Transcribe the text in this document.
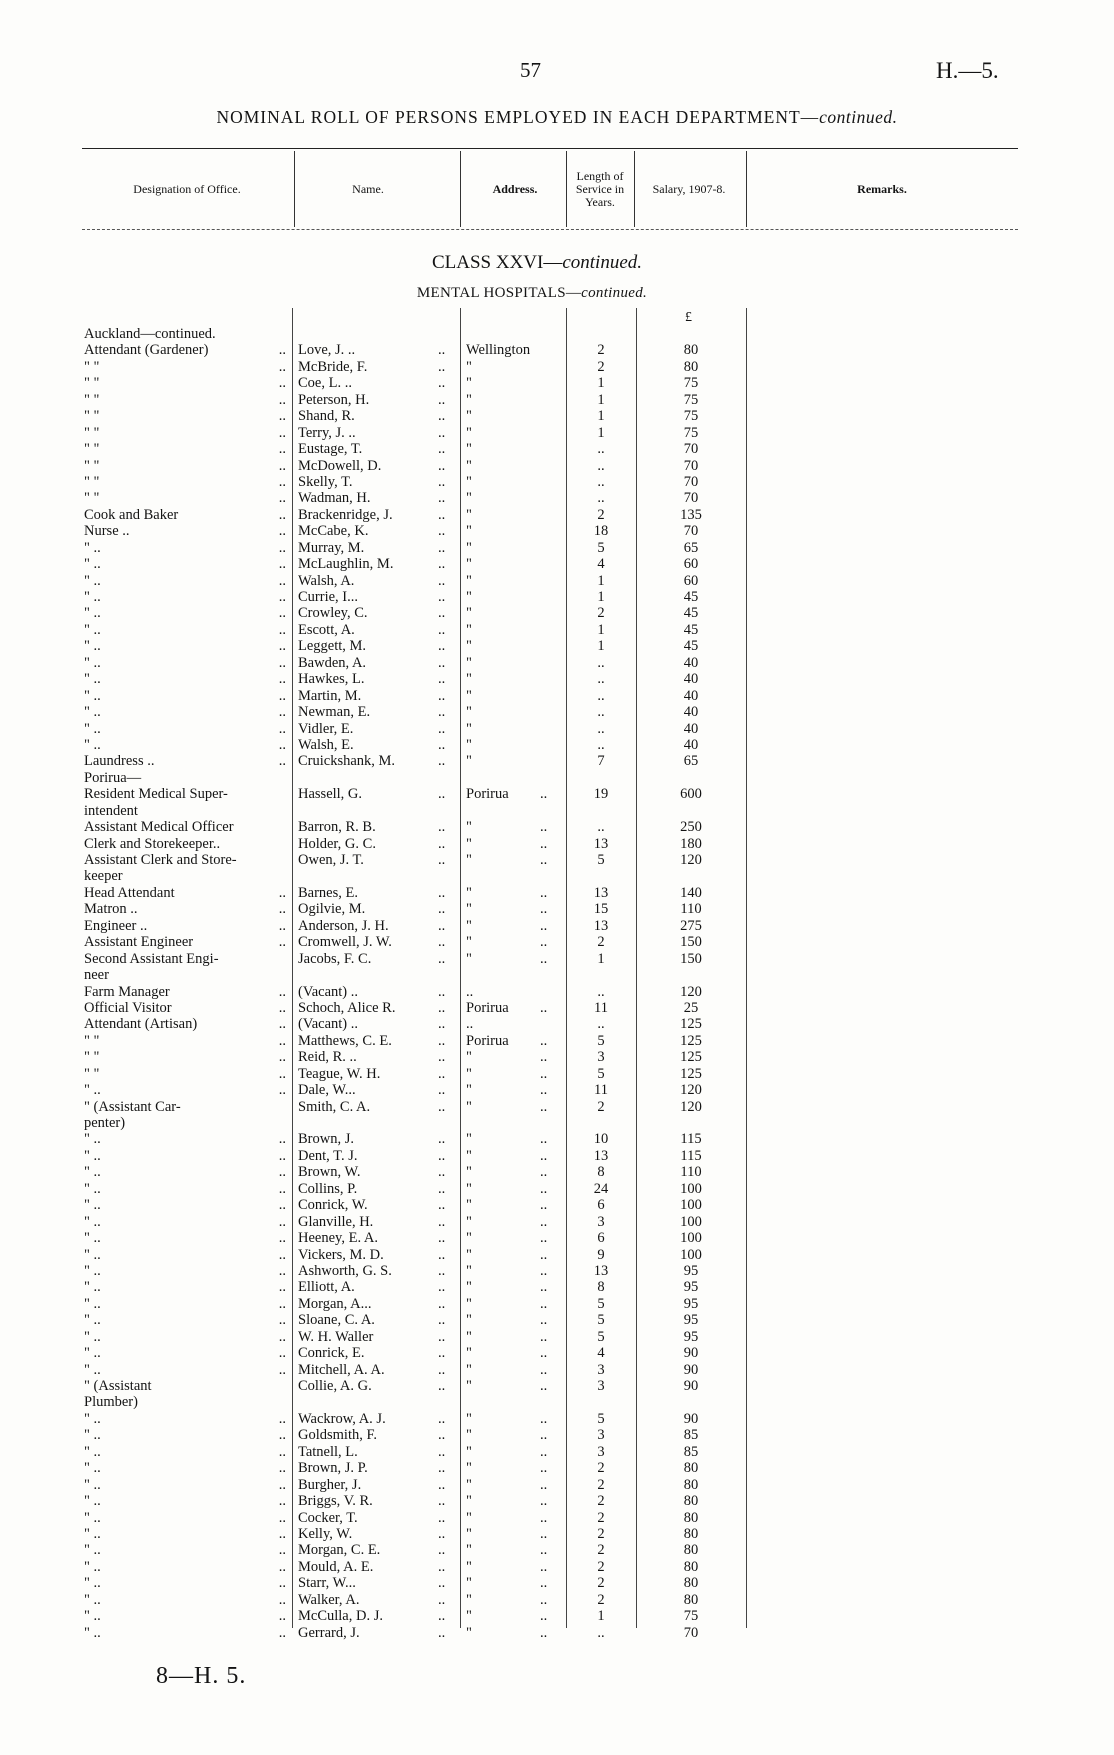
57	H.—5.
NOMINAL ROLL OF PERSONS EMPLOYED IN EACH DEPARTMENT—continued.
Designation of Office.	Name.	Address.
Length of Service in Years.
Salary, 1907-8.	Remarks.
CLASS XXVI—continued.
MENTAL HOSPITALS—continued.
£
Auckland—continued.
Attendant (Gardener)	.. Love, J. ..	.. Wellington	2	80
" "	.. McBride, F.	.. "	2	80
" "	.. Coe, L. ..	.. "	1	75
" "	.. Peterson, H.	.. "	1	75
" "	.. Shand, R.	.. "	1	75
" "	.. Terry, J. ..	.. "	1	75
" "	.. Eustage, T.	.. "	..	70
" "	.. McDowell, D.	.. "	..	70
" "	.. Skelly, T.	.. "	..	70
" "	.. Wadman, H.	.. "	..	70
Cook and Baker	.. Brackenridge, J.	.. "	2	135
Nurse ..	.. McCabe, K.	.. "	18	70
" ..	.. Murray, M.	.. "	5	65
" ..	.. McLaughlin, M.	.. "	4	60
" ..	.. Walsh, A.	.. "	1	60
" ..	.. Currie, I...	.. "	1	45
" ..	.. Crowley, C.	.. "	2	45
" ..	.. Escott, A.	.. "	1	45
" ..	.. Leggett, M.	.. "	1	45
" ..	.. Bawden, A.	.. "	..	40
" ..	.. Hawkes, L.	.. "	..	40
" ..	.. Martin, M.	.. "	..	40
" ..	.. Newman, E.	.. "	..	40
" ..	.. Vidler, E.	.. "	..	40
" ..	.. Walsh, E.	.. "	..	40
Laundress ..	.. Cruickshank, M.	.. "	7	65
Porirua—
Resident Medical Super-	Hassell, G.	.. Porirua ..	19	600
intendent
Assistant Medical Officer	Barron, R. B.	.. "	..	..	250
Clerk and Storekeeper..	Holder, G. C.	.. "	..	13	180
Assistant Clerk and Store-	Owen, J. T.	.. "	..	5	120
keeper
Head Attendant	.. Barnes, E.	.. "	..	13	140
Matron ..	.. Ogilvie, M.	.. "	..	15	110
Engineer ..	.. Anderson, J. H.	.. "	..	13	275
Assistant Engineer	.. Cromwell, J. W.	.. "	..	2	150
Second Assistant Engi-	Jacobs, F. C.	.. "	..	1	150
neer
Farm Manager	.. (Vacant) ..	.. ..	..	120
Official Visitor	.. Schoch, Alice R.	.. Porirua ..	11	25
Attendant (Artisan)	.. (Vacant) ..	.. ..	..	125
" "	.. Matthews, C. E.	.. Porirua ..	5	125
" "	.. Reid, R. ..	.. "	..	3	125
" "	.. Teague, W. H.	.. "	..	5	125
" ..	.. Dale, W...	.. "	..	11	120
" (Assistant Car-	Smith, C. A.	.. "	..	2	120
penter)
" ..	.. Brown, J.	.. "	..	10	115
" ..	.. Dent, T. J.	.. "	..	13	115
" ..	.. Brown, W.	.. "	..	8	110
" ..	.. Collins, P.	.. "	..	24	100
" ..	.. Conrick, W.	.. "	..	6	100
" ..	.. Glanville, H.	.. "	..	3	100
" ..	.. Heeney, E. A.	.. "	..	6	100
" ..	.. Vickers, M. D.	.. "	..	9	100
" ..	.. Ashworth, G. S.	.. "	..	13	95
" ..	.. Elliott, A.	.. "	..	8	95
" ..	.. Morgan, A...	.. "	..	5	95
" ..	.. Sloane, C. A.	.. "	..	5	95
" ..	.. W. H. Waller	.. "	..	5	95
" ..	.. Conrick, E.	.. "	..	4	90
" ..	.. Mitchell, A. A.	.. "	..	3	90
" (Assistant	Collie, A. G.	.. "	..	3	90
Plumber)
" ..	.. Wackrow, A. J.	.. "	..	5	90
" ..	.. Goldsmith, F.	.. "	..	3	85
" ..	.. Tatnell, L.	.. "	..	3	85
" ..	.. Brown, J. P.	.. "	..	2	80
" ..	.. Burgher, J.	.. "	..	2	80
" ..	.. Briggs, V. R.	.. "	..	2	80
" ..	.. Cocker, T.	.. "	..	2	80
" ..	.. Kelly, W.	.. "	..	2	80
" ..	.. Morgan, C. E.	.. "	..	2	80
" ..	.. Mould, A. E.	.. "	..	2	80
" ..	.. Starr, W...	.. "	..	2	80
" ..	.. Walker, A.	.. "	..	2	80
" ..	.. McCulla, D. J.	.. "	..	1	75
" ..	.. Gerrard, J.	.. "	..	..	70
8—H. 5.
